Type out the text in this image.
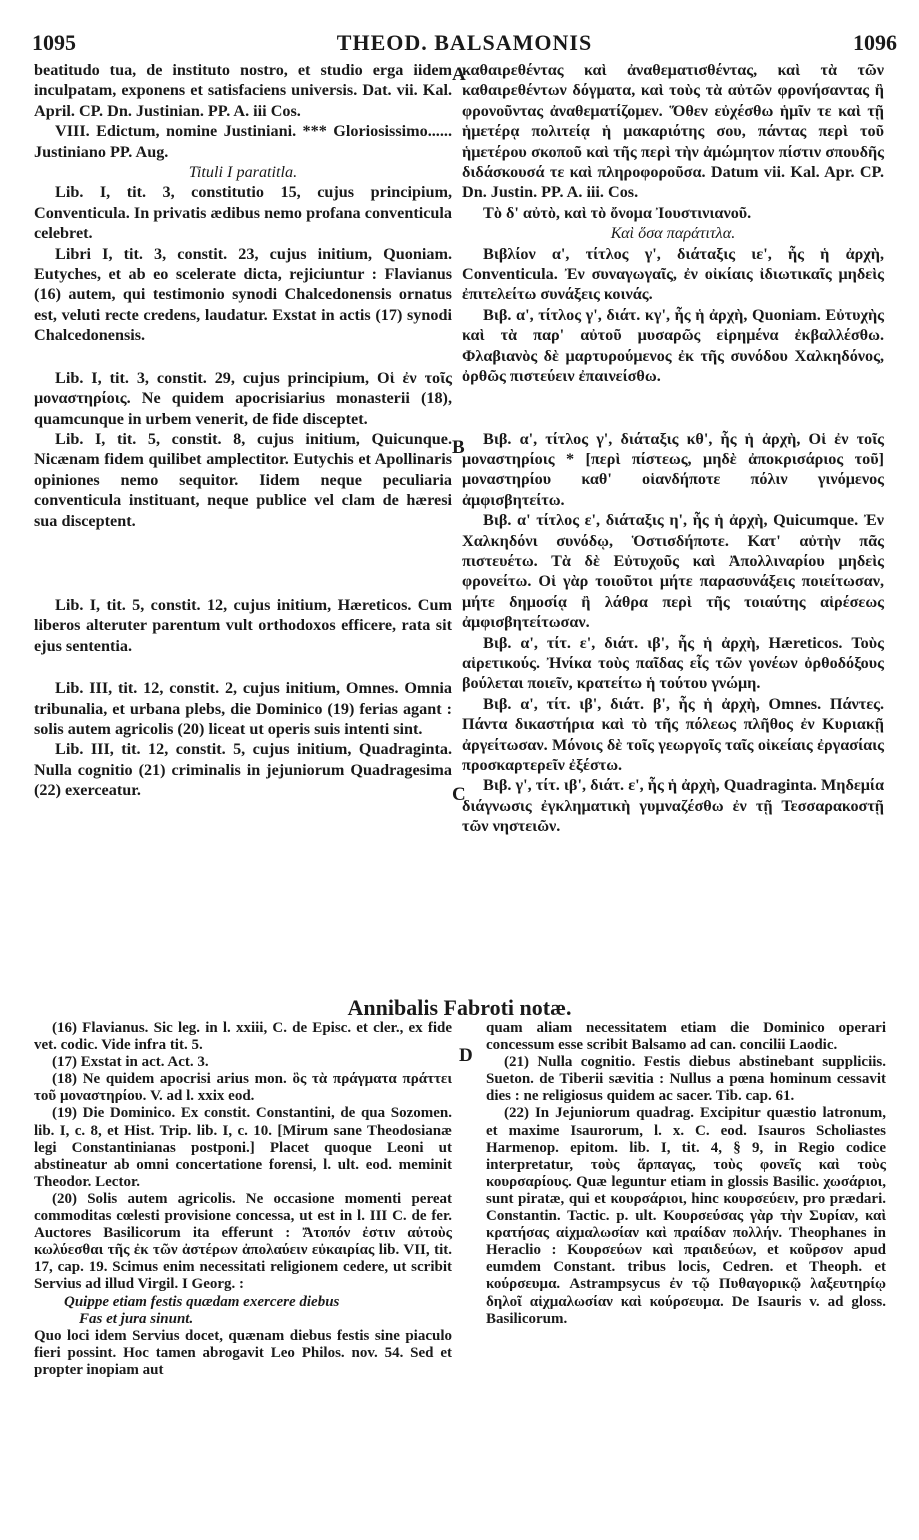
1095	THEOD. BALSAMONIS	1096
A
B
C
D

beatitudo tua, de instituto nostro, et studio erga iidem inculpatam, exponens et satisfaciens universis. Dat. vii. Kal. April. CP. Dn. Justinian. PP. A. iii Cos.

VIII. Edictum, nomine Justiniani. *** Gloriosissimo...... Justiniano PP. Aug.

Tituli I paratitla.

Lib. I, tit. 3, constitutio 15, cujus principium, Conventicula. In privatis ædibus nemo profana conventicula celebret.

Libri I, tit. 3, constit. 23, cujus initium, Quoniam. Eutyches, et ab eo scelerate dicta, rejiciuntur : Flavianus (16) autem, qui testimonio synodi Chalcedonensis ornatus est, veluti recte credens, laudatur. Exstat in actis (17) synodi Chalcedonensis.

Lib. I, tit. 3, constit. 29, cujus principium, Οἱ ἐν τοῖς μοναστηρίοις. Ne quidem apocrisiarius monasterii (18), quamcunque in urbem venerit, de fide disceptet.

Lib. I, tit. 5, constit. 8, cujus initium, Quicunque. Nicænam fidem quilibet amplectitor. Eutychis et Apollinaris opiniones nemo sequitor. Iidem neque peculiaria conventicula instituant, neque publice vel clam de hæresi sua disceptent.

Lib. I, tit. 5, constit. 12, cujus initium, Hæreticos. Cum liberos alteruter parentum vult orthodoxos efficere, rata sit ejus sententia.

Lib. III, tit. 12, constit. 2, cujus initium, Omnes. Omnia tribunalia, et urbana plebs, die Dominico (19) ferias agant : solis autem agricolis (20) liceat ut operis suis intenti sint.

Lib. III, tit. 12, constit. 5, cujus initium, Quadraginta. Nulla cognitio (21) criminalis in jejuniorum Quadragesima (22) exerceatur.

καθαιρεθέντας καὶ ἀναθεματισθέντας, καὶ τὰ τῶν καθαιρεθέντων δόγματα, καὶ τοὺς τὰ αὐτῶν φρονήσαντας ἢ φρονοῦντας ἀναθεματίζομεν. Ὅθεν εὐχέσθω ἡμῖν τε καὶ τῇ ἡμετέρᾳ πολιτείᾳ ἡ μακαριότης σου, πάντας περὶ τοῦ ἡμετέρου σκοποῦ καὶ τῆς περὶ τὴν ἀμώμητον πίστιν σπουδῆς διδάσκουσά τε καὶ πληροφοροῦσα. Datum vii. Kal. Apr. CP. Dn. Justin. PP. A. iii. Cos.

Τὸ δ' αὐτὸ, καὶ τὸ ὄνομα Ἰουστινιανοῦ.

Καὶ ὅσα παράτιτλα.

Βιβλίον α', τίτλος γ', διάταξις ιε', ἧς ἡ ἀρχὴ, Conventicula. Ἐν συναγωγαῖς, ἐν οἰκίαις ἰδιωτικαῖς μηδεὶς ἐπιτελείτω συνάξεις κοινάς.

Βιβ. α', τίτλος γ', διάτ. κγ', ἧς ἡ ἀρχὴ, Quoniam. Εὐτυχὴς καὶ τὰ παρ' αὐτοῦ μυσαρῶς εἰρημένα ἐκβαλλέσθω. Φλαβιανὸς δὲ μαρτυρούμενος ἐκ τῆς συνόδου Χαλκηδόνος, ὀρθῶς πιστεύειν ἐπαινείσθω.

Βιβ. α', τίτλος γ', διάταξις κθ', ἧς ἡ ἀρχὴ, Οἱ ἐν τοῖς μοναστηρίοις * [περὶ πίστεως, μηδὲ ἀποκρισάριος τοῦ] μοναστηρίου καθ' οἱανδήποτε πόλιν γινόμενος ἀμφισβητείτω.

Βιβ. α' τίτλος ε', διάταξις η', ἧς ἡ ἀρχὴ, Quicumque. Ἐν Χαλκηδόνι συνόδῳ, Ὁστισδήποτε. Κατ' αὐτὴν πᾶς πιστευέτω. Τὰ δὲ Εὐτυχοῦς καὶ Ἀπολλιναρίου μηδεὶς φρονείτω. Οἱ γὰρ τοιοῦτοι μήτε παρασυνάξεις ποιείτωσαν, μήτε δημοσίᾳ ἢ λάθρα περὶ τῆς τοιαύτης αἱρέσεως ἀμφισβητείτωσαν.

Βιβ. α', τίτ. ε', διάτ. ιβ', ἧς ἡ ἀρχὴ, Hæreticos. Τοὺς αἱρετικούς. Ἠνίκα τοὺς παῖδας εἷς τῶν γονέων ὀρθοδόξους βούλεται ποιεῖν, κρατείτω ἡ τούτου γνώμη.

Βιβ. α', τίτ. ιβ', διάτ. β', ἧς ἡ ἀρχὴ, Omnes. Πάντες. Πάντα δικαστήρια καὶ τὸ τῆς πόλεως πλῆθος ἐν Κυριακῇ ἀργείτωσαν. Μόνοις δὲ τοῖς γεωργοῖς ταῖς οἰκείαις ἐργασίαις προσκαρτερεῖν ἐξέστω.

Βιβ. γ', τίτ. ιβ', διάτ. ε', ἧς ἡ ἀρχὴ, Quadraginta. Μηδεμία διάγνωσις ἐγκληματικὴ γυμναζέσθω ἐν τῇ Τεσσαρακοστῇ τῶν νηστειῶν.

Annibalis Fabroti notæ.

(16) Flavianus. Sic leg. in l. xxiii, C. de Episc. et cler., ex fide vet. codic. Vide infra tit. 5.

(17) Exstat in act. Act. 3.

(18) Ne quidem apocrisi arius mon. ὃς τὰ πράγματα πράττει τοῦ μοναστηρίου. V. ad l. xxix eod.

(19) Die Dominico. Ex constit. Constantini, de qua Sozomen. lib. I, c. 8, et Hist. Trip. lib. I, c. 10. [Mirum sane Theodosianæ legi Constantinianas postponi.] Placet quoque Leoni ut abstineatur ab omni concertatione forensi, l. ult. eod. meminit Theodor. Lector.

(20) Solis autem agricolis. Ne occasione momenti pereat commoditas cœlesti provisione concessa, ut est in l. III C. de fer. Auctores Basilicorum ita efferunt : Ἄτοπόν ἐστιν αὐτοὺς κωλύεσθαι τῆς ἐκ τῶν ἀστέρων ἀπολαύειν εὐκαιρίας lib. VII, tit. 17, cap. 19. Scimus enim necessitati religionem cedere, ut scribit Servius ad illud Virgil. I Georg. :

Quippe etiam festis quædam exercere diebus

Fas et jura sinunt.

Quo loci idem Servius docet, quænam diebus festis sine piaculo fieri possint. Hoc tamen abrogavit Leo Philos. nov. 54. Sed et propter inopiam aut

quam aliam necessitatem etiam die Dominico operari concessum esse scribit Balsamo ad can. concilii Laodic.

(21) Nulla cognitio. Festis diebus abstinebant suppliciis. Sueton. de Tiberii sævitia : Nullus a pœna hominum cessavit dies : ne religiosus quidem ac sacer. Tib. cap. 61.

(22) In Jejuniorum quadrag. Excipitur quæstio latronum, et maxime Isaurorum, l. x. C. eod. Isauros Scholiastes Harmenop. epitom. lib. I, tit. 4, § 9, in Regio codice interpretatur, τοὺς ἅρπαγας, τοὺς φονεῖς καὶ τοὺς κουρσαρίους. Quæ leguntur etiam in glossis Basilic. χωσάριοι, sunt piratæ, qui et κουρσάριοι, hinc κουρσεύειν, pro prædari. Constantin. Tactic. p. ult. Κουρσεύσας γὰρ τὴν Συρίαν, καὶ κρατήσας αἰχμαλωσίαν καὶ πραίδαν πολλήν. Theophanes in Heraclio : Κουρσεύων καὶ πραιδεύων, et κοῦρσον apud eumdem Constant. tribus locis, Cedren. et Theoph. et κούρσευμα. Astrampsycus ἐν τῷ Πυθαγορικῷ λαξευτηρίῳ δηλοῖ αἰχμαλωσίαν καὶ κούρσευμα. De Isauris v. ad gloss. Basilicorum.
